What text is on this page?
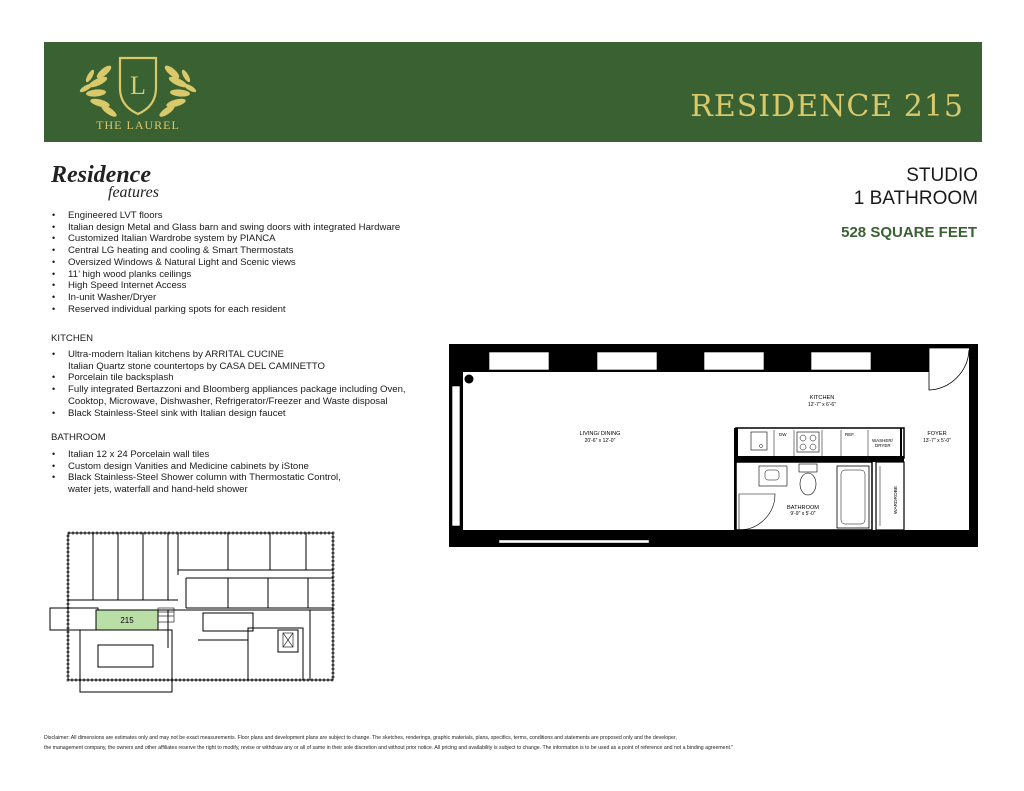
L
THE LAUREL
RESIDENCE 215
Residence
features
• Engineered LVT floors
• Italian design Metal and Glass barn and swing doors with integrated Hardware
• Customized Italian Wardrobe system by PIANCA
• Central LG heating and cooling & Smart Thermostats
• Oversized Windows & Natural Light and Scenic views
• 11’ high wood planks ceilings
• High Speed Internet Access
• In-unit Washer/Dryer
• Reserved individual parking spots for each resident
KITCHEN
• Ultra-modern Italian kitchens by ARRITAL CUCINE
Italian Quartz stone countertops by CASA DEL CAMINETTO
• Porcelain tile backsplash
• Fully integrated Bertazzoni and Bloomberg appliances package including Oven,
Cooktop, Microwave, Dishwasher, Refrigerator/Freezer and Waste disposal
• Black Stainless-Steel sink with Italian design faucet
BATHROOM
• Italian 12 x 24 Porcelain wall tiles
• Custom design Vanities and Medicine cabinets by iStone
• Black Stainless-Steel Shower column with Thermostatic Control,
water jets, waterfall and hand-held shower
STUDIO
1 BATHROOM
528 SQUARE FEET
DW	REF.
WASHER/
DRYER
WARDROBE
LIVING/ DINING
20'-6" x 12'-0"
KITCHEN
12'-7" x 6'-6"
FOYER
13'-7" x 5'-0"
BATHROOM
9'-9" x 5'-0"
215
Disclaimer: All dimensions are estimates only and may not be exact measurements. Floor plans and development plans are subject to change. The sketches, renderings, graphic materials, plans, specifics, terms, conditions and statements are proposed only and the developer,
the management company, the owners and other affiliates reserve the right to modify, revise or withdraw any or all of same in their sole discretion and without prior notice. All pricing and availability is subject to change. The information is to be used as a point of reference and not a binding agreement."
